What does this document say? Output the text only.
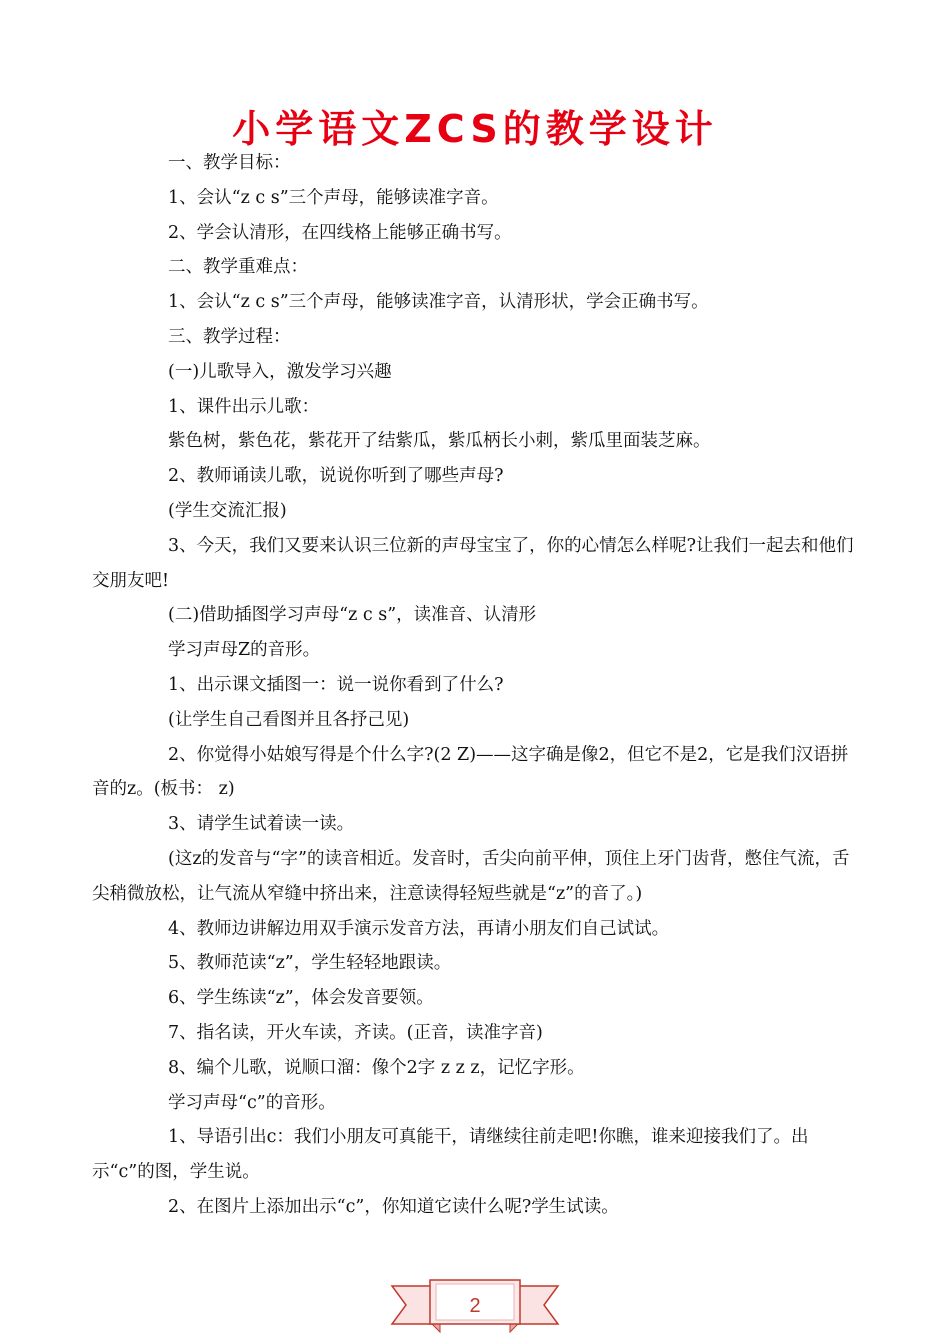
小学语文ZCS的教学设计

一、教学目标：

1、会认“z c s”三个声母，能够读准字音。

2、学会认清形，在四线格上能够正确书写。

二、教学重难点：

1、会认“z c s”三个声母，能够读准字音，认清形状，学会正确书写。

三、教学过程：

(一)儿歌导入，激发学习兴趣

1、课件出示儿歌：

紫色树，紫色花，紫花开了结紫瓜，紫瓜柄长小刺，紫瓜里面装芝麻。

2、教师诵读儿歌，说说你听到了哪些声母?

(学生交流汇报)

3、今天，我们又要来认识三位新的声母宝宝了，你的心情怎么样呢?让我们一起去和他们交朋友吧!

(二)借助插图学习声母“z c s”，读准音、认清形

学习声母Z的音形。

1、出示课文插图一：说一说你看到了什么?

(让学生自己看图并且各抒己见)

2、你觉得小姑娘写得是个什么字?(2 Z)——这字确是像2，但它不是2，它是我们汉语拼音的z。(板书： z)

3、请学生试着读一读。

(这z的发音与“字”的读音相近。发音时，舌尖向前平伸，顶住上牙门齿背，憋住气流，舌尖稍微放松，让气流从窄缝中挤出来，注意读得轻短些就是“z”的音了。)

4、教师边讲解边用双手演示发音方法，再请小朋友们自己试试。

5、教师范读“z”，学生轻轻地跟读。

6、学生练读“z”，体会发音要领。

7、指名读，开火车读，齐读。(正音，读准字音)

8、编个儿歌，说顺口溜：像个2字 z z z，记忆字形。

学习声母“c”的音形。

1、导语引出c：我们小朋友可真能干，请继续往前走吧!你瞧，谁来迎接我们了。出示“c”的图，学生说。

2、在图片上添加出示“c”，你知道它读什么呢?学生试读。

2
